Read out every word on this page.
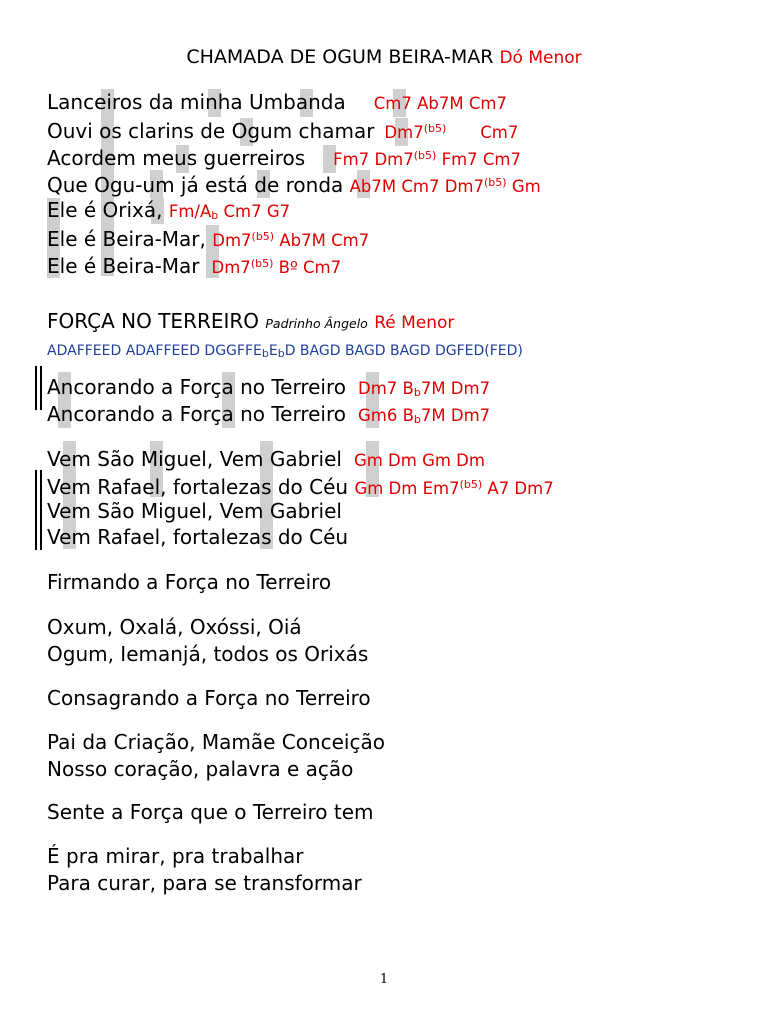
CHAMADA DE OGUM BEIRA-MAR Dó Menor
Lanceiros da minha Umbanda Cm7 Ab7M Cm7
Ouvi os clarins de Ogum chamar $Dm7^{(b5)}$ Cm7
Acordem meus guerreiros Fm7 $Dm7^{(b5)}$ Fm7 Cm7
Que Ogu-um já está de ronda Ab7M Cm7 $Dm7^{(b5)}$ Gm
Ele é Orixá, $Fm/A_b$ Cm7 G7
Ele é Beira-Mar, $Dm7^{(b5)}$ Ab7M Cm7
Ele é Beira-Mar $Dm7^{(b5)}$ Bº Cm7
FORÇA NO TERREIRO Padrinho Ângelo Ré Menor
ADAFFEED ADAFFEED $DGGFFE_bE_bD$ BAGD BAGD BAGD DGFED(FED)
Ancorando a Força no Terreiro Dm7 $B_b7M$ Dm7
Ancorando a Força no Terreiro Gm6 $B_b7M$ Dm7
Vem São Miguel, Vem Gabriel Gm Dm Gm Dm
Vem Rafael, fortalezas do Céu Gm Dm $Em7^{(b5)}$ A7 Dm7
Vem São Miguel, Vem Gabriel
Vem Rafael, fortalezas do Céu
Firmando a Força no Terreiro
Oxum, Oxalá, Oxóssi, Oiá
Ogum, Iemanjá, todos os Orixás
Consagrando a Força no Terreiro
Pai da Criação, Mamãe Conceição
Nosso coração, palavra e ação
Sente a Força que o Terreiro tem
É pra mirar, pra trabalhar
Para curar, para se transformar
1
